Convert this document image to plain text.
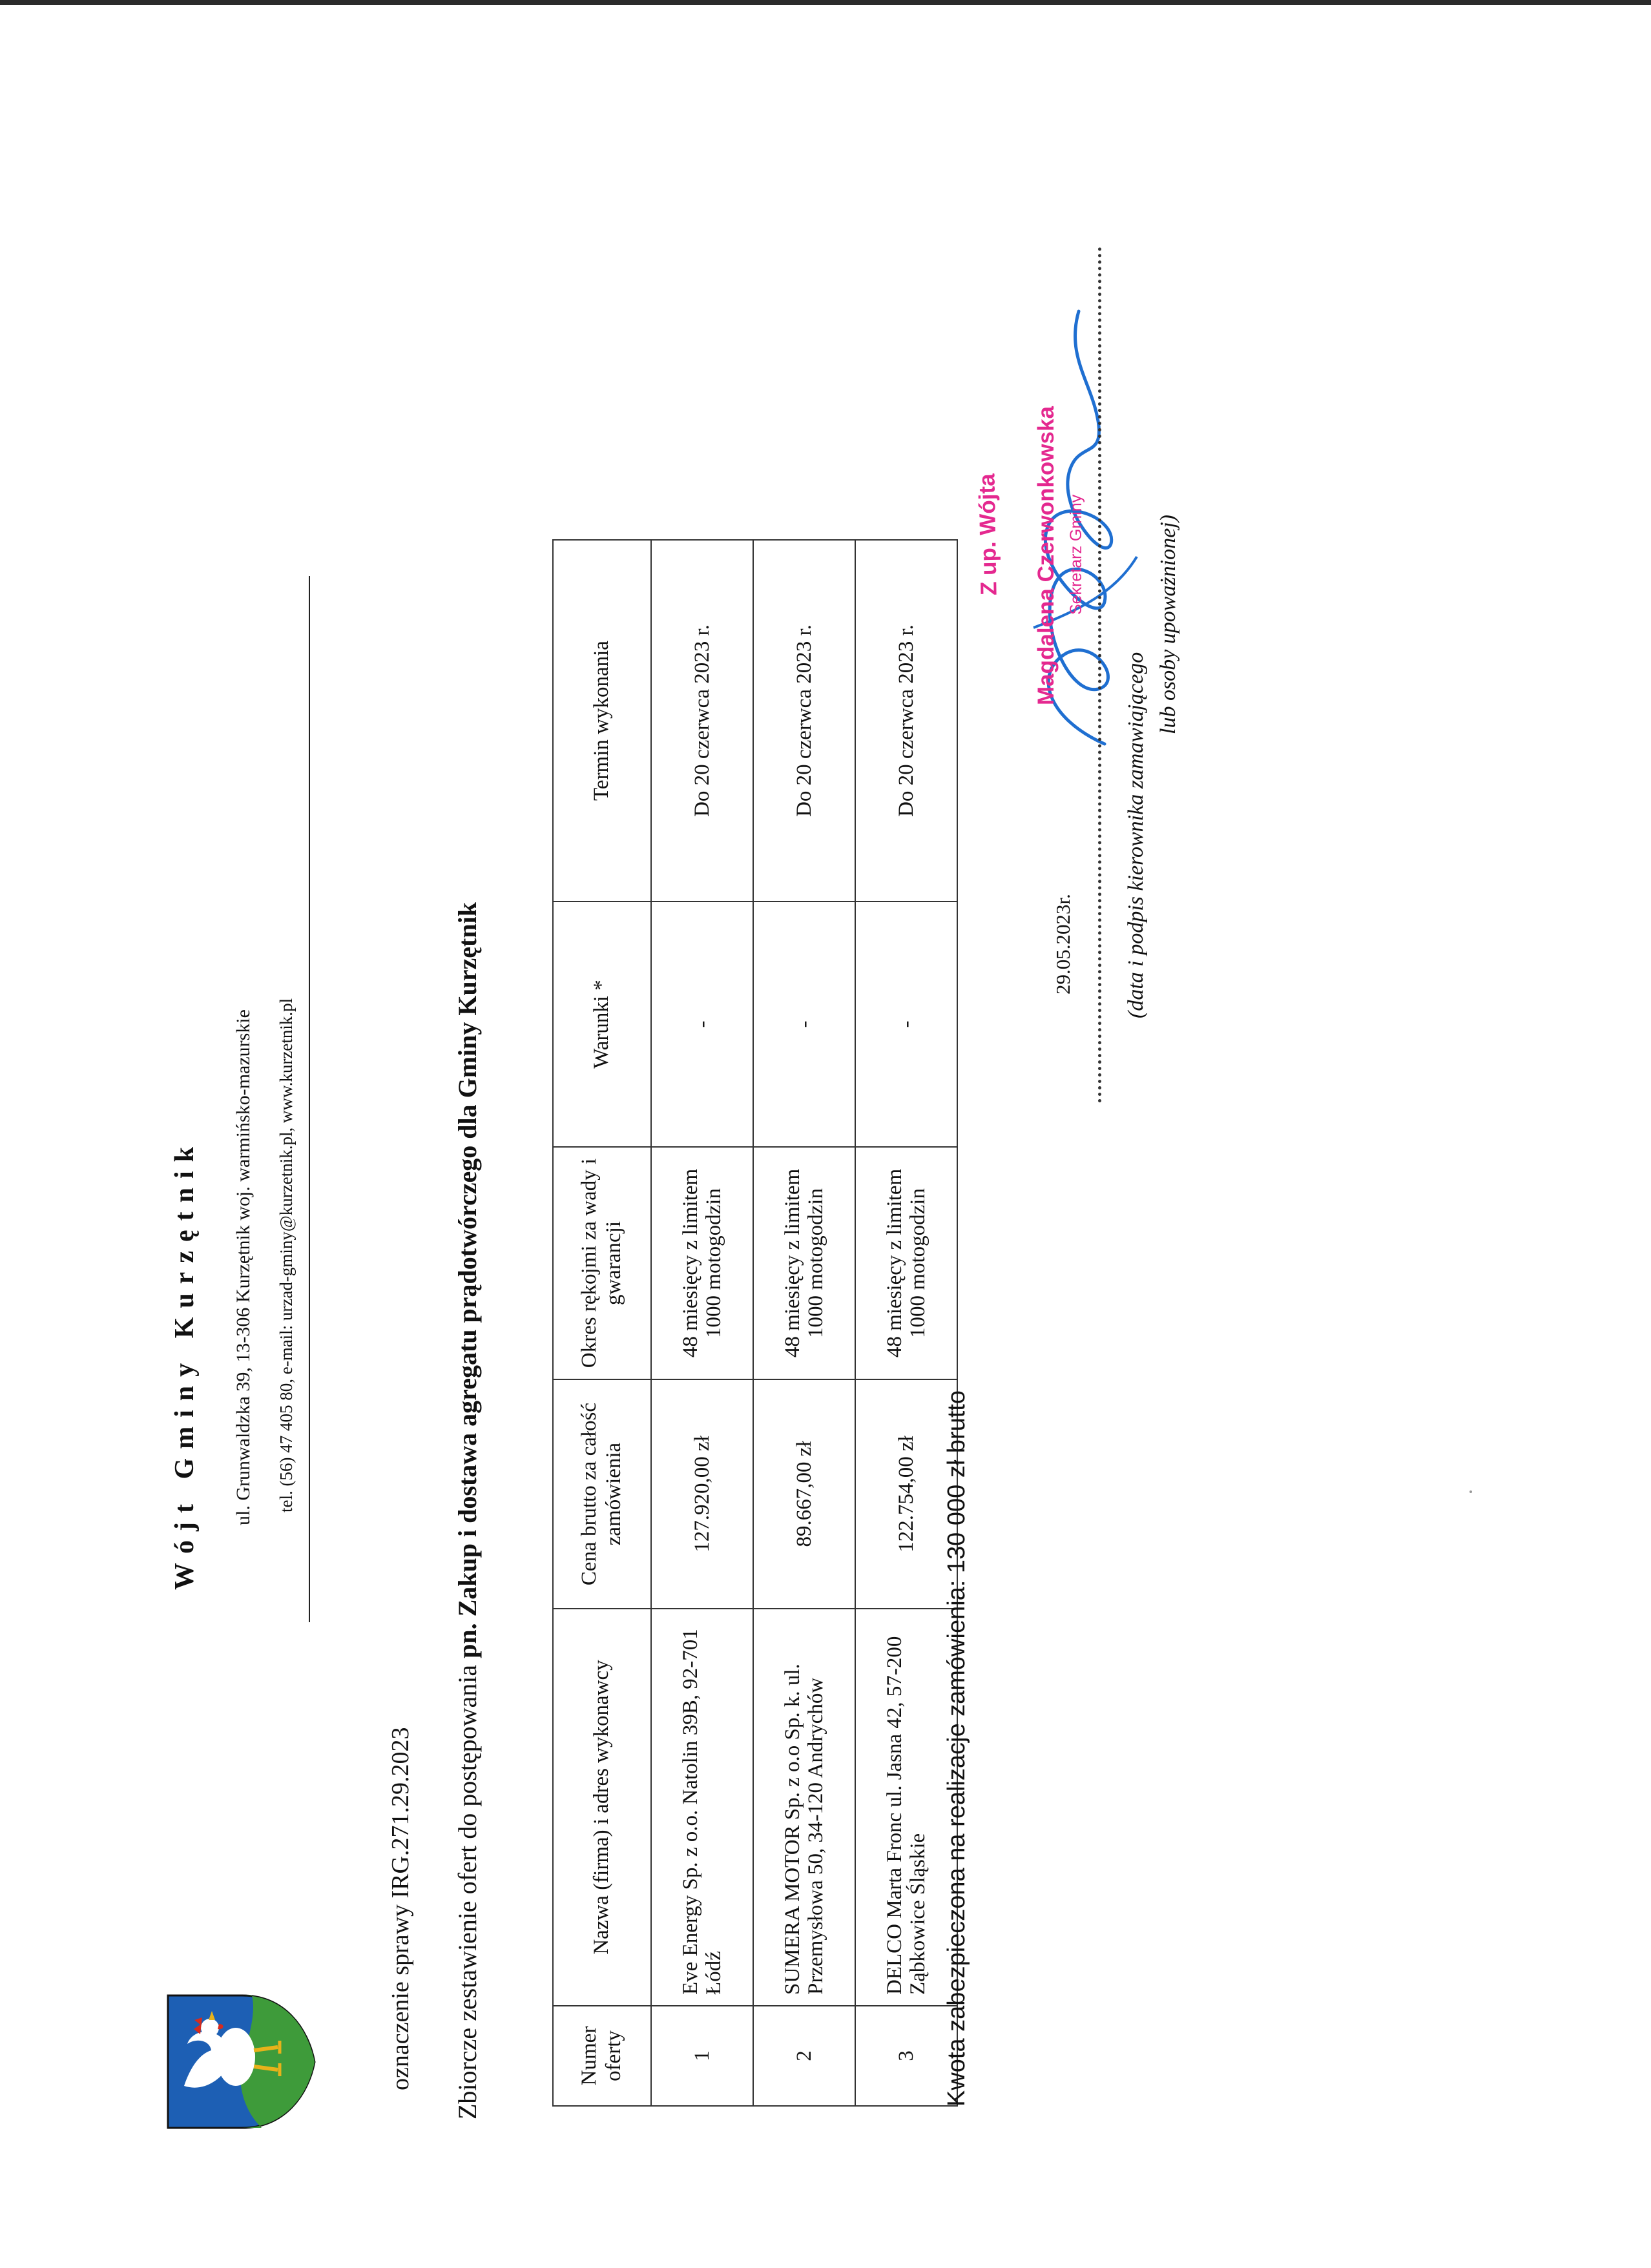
Wójt Gminy Kurzętnik ul. Grunwaldzka 39, 13-306 Kurzętnik woj. warmińsko-mazurskie tel. (56) 47 405 80, e-mail: urzad-gminy@kurzetnik.pl, www.kurzetnik.pl
oznaczenie sprawy IRG.271.29.2023 Zbiorcze zestawienie ofert do postępowania pn. Zakup i dostawa agregatu prądotwórczego dla Gminy Kurzętnik
Numer oferty	Nazwa (firma) i adres wykonawcy	Cena brutto za całość zamówienia	Okres rękojmi za wady i gwarancji	Warunki *	Termin wykonania
1	Eve Energy Sp. z o.o. Natolin 39B, 92-701 Łódź	127.920,00 zł	48 miesięcy z limitem 1000 motogodzin	-	Do 20 czerwca 2023 r.
2	SUMERA MOTOR Sp. z o.o Sp. k. ul. Przemysłowa 50, 34-120 Andrychów	89.667,00 zł	48 miesięcy z limitem 1000 motogodzin	-	Do 20 czerwca 2023 r.
3	DELCO Marta Fronc ul. Jasna 42, 57-200 Ząbkowice Śląskie	122.754,00 zł	48 miesięcy z limitem 1000 motogodzin	-	Do 20 czerwca 2023 r.
Kwota zabezpieczona na realizacje zamówienia: 130 000 zł brutto
29.05.2023r.
Z up. Wójta Magdalena Czerwonkowska Sekretarz Gminy
(data i podpis kierownika zamawiającego
lub osoby upoważnionej)
